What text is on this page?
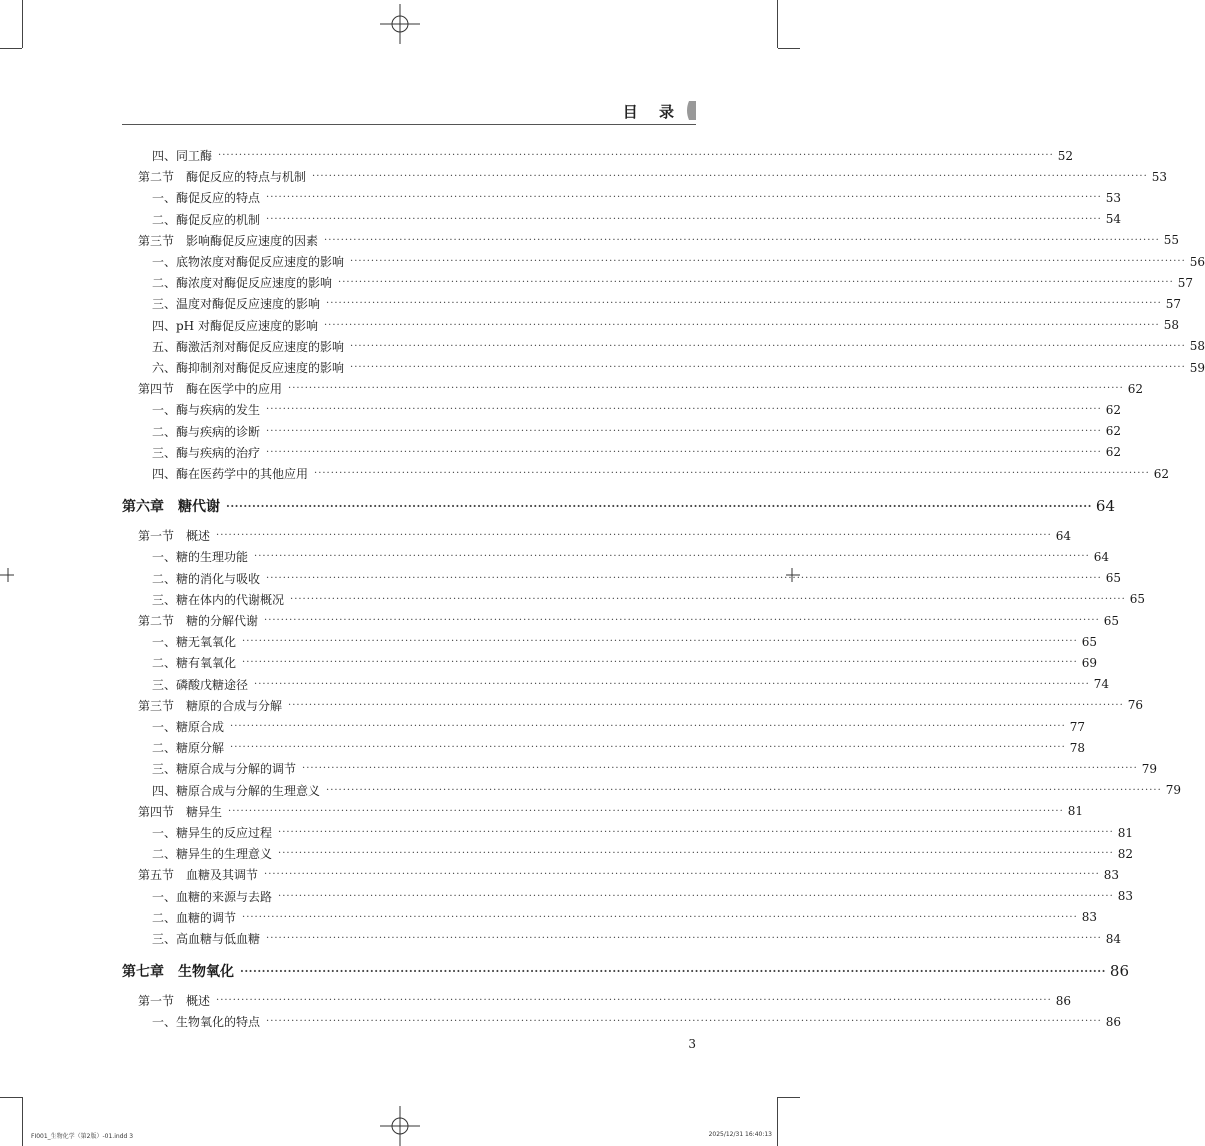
目 录
四、同工酶 ········································································································································································································ 52
第二节　酶促反应的特点与机制 ········································································································································································································ 53
一、酶促反应的特点 ········································································································································································································ 53
二、酶促反应的机制 ········································································································································································································ 54
第三节　影响酶促反应速度的因素 ········································································································································································································ 55
一、底物浓度对酶促反应速度的影响 ········································································································································································································ 56
二、酶浓度对酶促反应速度的影响 ········································································································································································································ 57
三、温度对酶促反应速度的影响 ········································································································································································································ 57
四、pH 对酶促反应速度的影响 ········································································································································································································ 58
五、酶激活剂对酶促反应速度的影响 ········································································································································································································ 58
六、酶抑制剂对酶促反应速度的影响 ········································································································································································································ 59
第四节　酶在医学中的应用 ········································································································································································································ 62
一、酶与疾病的发生 ········································································································································································································ 62
二、酶与疾病的诊断 ········································································································································································································ 62
三、酶与疾病的治疗 ········································································································································································································ 62
四、酶在医药学中的其他应用 ········································································································································································································ 62
第六章　糖代谢 ········································································································································································································ 64
第一节　概述 ········································································································································································································ 64
一、糖的生理功能 ········································································································································································································ 64
二、糖的消化与吸收 ········································································································································································································ 65
三、糖在体内的代谢概况 ········································································································································································································ 65
第二节　糖的分解代谢 ········································································································································································································ 65
一、糖无氧氧化 ········································································································································································································ 65
二、糖有氧氧化 ········································································································································································································ 69
三、磷酸戊糖途径 ········································································································································································································ 74
第三节　糖原的合成与分解 ········································································································································································································ 76
一、糖原合成 ········································································································································································································ 77
二、糖原分解 ········································································································································································································ 78
三、糖原合成与分解的调节 ········································································································································································································ 79
四、糖原合成与分解的生理意义 ········································································································································································································ 79
第四节　糖异生 ········································································································································································································ 81
一、糖异生的反应过程 ········································································································································································································ 81
二、糖异生的生理意义 ········································································································································································································ 82
第五节　血糖及其调节 ········································································································································································································ 83
一、血糖的来源与去路 ········································································································································································································ 83
二、血糖的调节 ········································································································································································································ 83
三、高血糖与低血糖 ········································································································································································································ 84
第七章　生物氧化 ········································································································································································································ 86
第一节　概述 ········································································································································································································ 86
一、生物氧化的特点 ········································································································································································································ 86
3
FI001_生物化学（第2版）-01.indd 3	2025/12/31 16:40:13
